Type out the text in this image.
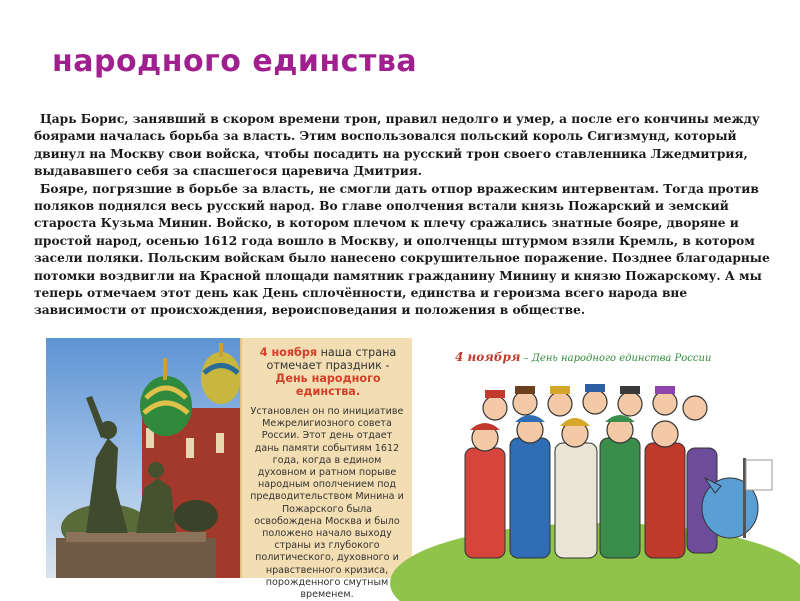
народного единства

Царь Борис, занявший в скором времени трон, правил недолго и умер, а после его кончины между боярами началась борьба за власть. Этим воспользовался польский король Сигизмунд, который двинул на Москву свои войска, чтобы посадить на русский трон своего ставленника Лжедмитрия, выдававшего себя за спасшегося царевича Дмитрия.

Бояре, погрязшие в борьбе за власть, не смогли дать отпор вражеским интервентам. Тогда против поляков поднялся весь русский народ. Во главе ополчения встали князь Пожарский и земский староста Кузьма Минин. Войско, в котором плечом к плечу сражались знатные бояре, дворяне и простой народ, осенью 1612 года вошло в Москву, и ополченцы штурмом взяли Кремль, в котором засели поляки. Польским войскам было нанесено сокрушительное поражение. Позднее благодарные потомки воздвигли на Красной площади памятник гражданину Минину и князю Пожарскому. А мы теперь отмечаем этот день как День сплочённости, единства и героизма всего народа вне зависимости от происхождения, вероисповедания и положения в обществе.

4 ноября наша страна отмечает праздник -
День народного единства.
Установлен он по инициативе Межрелигиозного совета России. Этот день отдает дань памяти событиям 1612 года, когда в едином духовном и ратном порыве народным ополчением под предводительством Минина и Пожарского была освобождена Москва и было положено начало выходу страны из глубокого политического, духовного и нравственного кризиса, порожденного смутным временем.
4 ноября – День народного единства России
